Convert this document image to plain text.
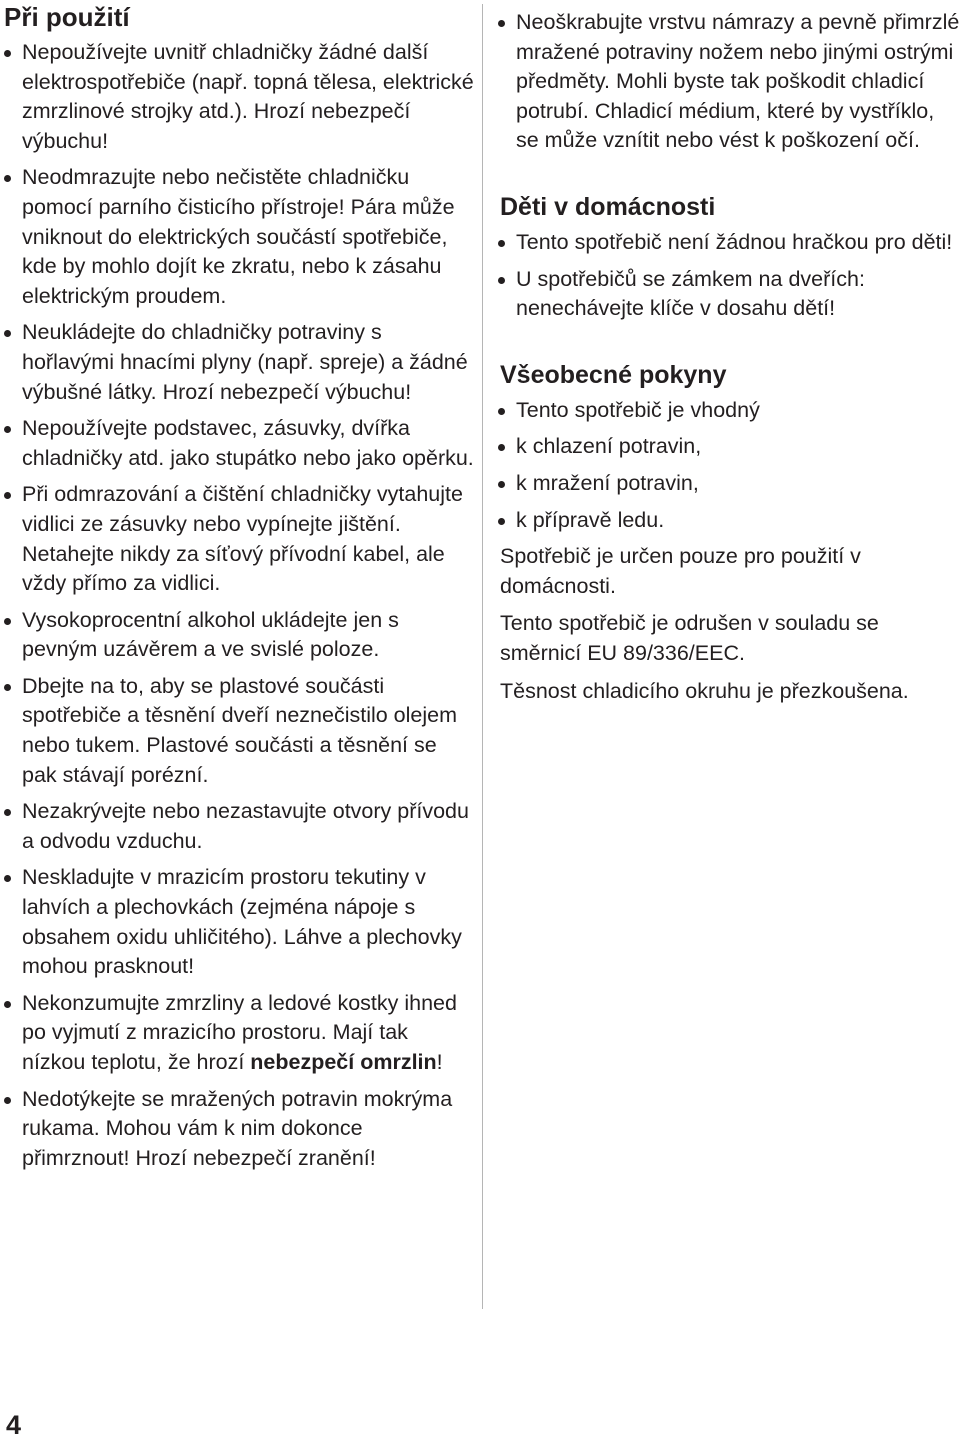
Při použití
Nepoužívejte uvnitř chladničky žádné další elektrospotřebiče (např. topná tělesa, elektrické zmrzlinové strojky atd.). Hrozí nebezpečí výbuchu!
Neodmrazujte nebo nečistěte chladničku pomocí parního čisticího přístroje! Pára může vniknout do elektrických součástí spotřebiče, kde by mohlo dojít ke zkratu, nebo k zásahu elektrickým proudem.
Neukládejte do chladničky potraviny s hořlavými hnacími plyny (např. spreje) a žádné výbušné látky. Hrozí nebezpečí výbuchu!
Nepoužívejte podstavec, zásuvky, dvířka chladničky atd. jako stupátko nebo jako opěrku.
Při odmrazování a čištění chladničky vytahujte vidlici ze zásuvky nebo vypínejte jištění.
Netahejte nikdy za síťový přívodní kabel, ale vždy přímo za vidlici.
Vysokoprocentní alkohol ukládejte jen s pevným uzávěrem a ve svislé poloze.
Dbejte na to, aby se plastové součásti spotřebiče a těsnění dveří neznečistilo olejem nebo tukem. Plastové součásti a těsnění se pak stávají porézní.
Nezakrývejte nebo nezastavujte otvory přívodu a odvodu vzduchu.
Neskladujte v mrazicím prostoru tekutiny v lahvích a plechovkách (zejména nápoje s obsahem oxidu uhličitého). Láhve a plechovky mohou prasknout!
Nekonzumujte zmrzliny a ledové kostky ihned po vyjmutí z mrazicího prostoru. Mají tak nízkou teplotu, že hrozí nebezpečí omrzlin!
Nedotýkejte se mražených potravin mokrýma rukama. Mohou vám k nim dokonce přimrznout! Hrozí nebezpečí zranění!
Neoškrabujte vrstvu námrazy a pevně přimrzlé mražené potraviny nožem nebo jinými ostrými předměty. Mohli byste tak poškodit chladicí potrubí. Chladicí médium, které by vystříklo, se může vznítit nebo vést k poškození očí.
Děti v domácnosti
Tento spotřebič není žádnou hračkou pro děti!
U spotřebičů se zámkem na dveřích: nenechávejte klíče v dosahu dětí!
Všeobecné pokyny
Tento spotřebič je vhodný
k chlazení potravin,
k mražení potravin,
k přípravě ledu.

Spotřebič je určen pouze pro použití v domácnosti.

Tento spotřebič je odrušen v souladu se směrnicí EU 89/336/EEC.

Těsnost chladicího okruhu je přezkoušena.

4
